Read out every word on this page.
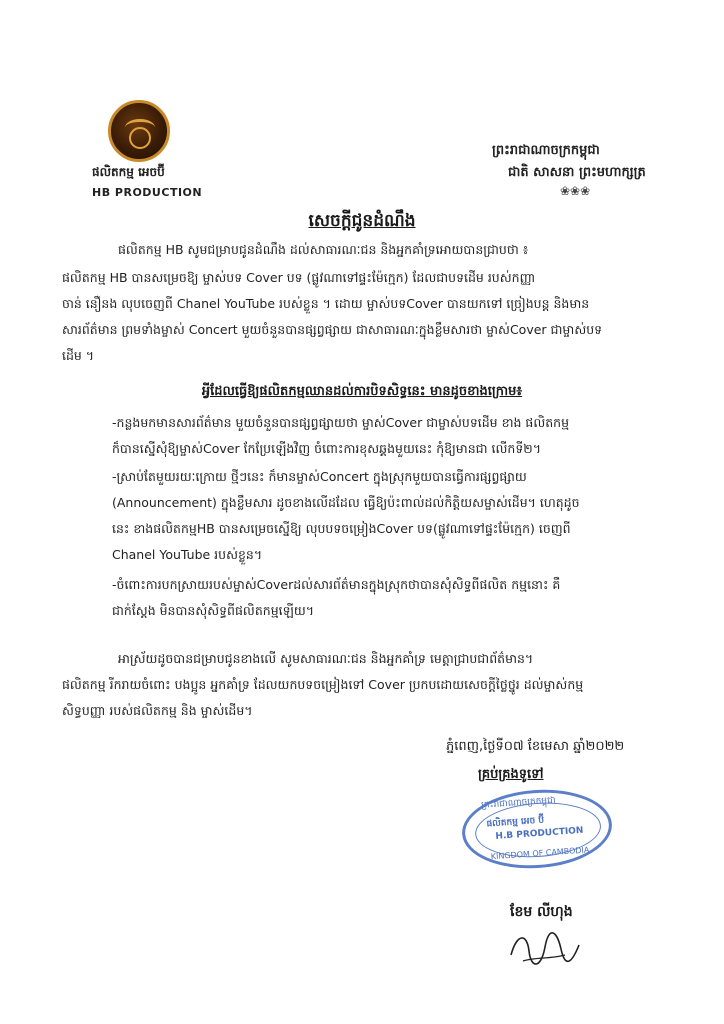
ផលិតកម្ម អេចប៊ី
HB PRODUCTION
ព្រះរាជាណាចក្រកម្ពុជា
ជាតិ សាសនា ព្រះមហាក្សត្រ
❀❀❀
សេចក្ដីជូនដំណឹង
ផលិតកម្ម HB សូមជម្រាបជូនដំណឹង ដល់សាធារណៈជន និងអ្នកគាំទ្រអោយបានជ្រាបថា ៖
ផលិតកម្ម HB បានសម្រេចឱ្យ ម្ចាស់បទ Cover បទ (ផ្លូវណាទៅផ្ទះម៉ែក្មេក) ដែលជាបទដើម របស់កញ្ញា
ចាន់ នឿនង លុបចេញពី Chanel YouTube របស់ខ្លួន ។ ដោយ ម្ចាស់បទCover បានយកទៅ ច្រៀងបន្ត និងមាន
សារព័ត៌មាន ព្រមទាំងម្ចាស់ Concert មួយចំនួនបានផ្សព្វផ្សាយ ជាសាធារណៈក្នុងខ្លឹមសារថា ម្ចាស់Cover ជាម្ចាស់បទ
ដើម ។
អ្វីដែលធ្វើឱ្យផលិតកម្មឈានដល់ការបិទសិទ្ធនេះ មានដូចខាងក្រោម៖
-កន្លងមកមានសារព័ត៌មាន មួយចំនួនបានផ្សព្វផ្សាយថា ម្ចាស់Cover ជាម្ចាស់បទដើម ខាង ផលិតកម្ម
ក៏បានស្នើសុំឱ្យម្ចាស់Cover កែប្រែឡើងវិញ ចំពោះការខុសឆ្គងមួយនេះ កុំឱ្យមានជា លើកទី២។
-ស្រាប់តែមួយរយៈក្រោយ ថ្មីៗនេះ ក៏មានម្ចាស់Concert ក្នុងស្រុកមួយបានធ្វើការផ្សព្វផ្សាយ
(Announcement) ក្នុងខ្លឹមសារ ដូចខាងលើដដែល ធ្វើឱ្យប៉ះពាល់ដល់កិត្តិយសម្ចាស់ដើម។ ហេតុដូច
នេះ ខាងផលិតកម្មHB បានសម្រេចស្នើឱ្យ លុបបទចម្រៀងCover បទ(ផ្លូវណាទៅផ្ទះម៉ែក្មេក) ចេញពី
Chanel YouTube របស់ខ្លួន។
-ចំពោះការបកស្រាយរបស់ម្ចាស់Coverដល់សារព័ត៌មានក្នុងស្រុកថាបានសុំសិទ្ធពីផលិត កម្មនោះ គឺ
ជាក់ស្ដែង មិនបានសុំសិទ្ធពីផលិតកម្មឡើយ។
អាស្រ័យដូចបានជម្រាបជូនខាងលើ សូមសាធារណៈជន និងអ្នកគាំទ្រ មេត្តាជ្រាបជាព័ត៌មាន។
ផលិតកម្ម រីករាយចំពោះ បងប្អូន អ្នកគាំទ្រ ដែលយកបទចម្រៀងទៅ Cover ប្រកបដោយសេចក្ដីថ្លៃថ្នូរ ដល់ម្ចាស់កម្ម
សិទ្ធបញ្ញា របស់ផលិតកម្ម និង ម្ចាស់ដើម។
ភ្នំពេញ,ថ្ងៃទី០៧ ខែមេសា ឆ្នាំ២០២២
គ្រប់គ្រងទូទៅ
ព្រះរាជាណាចក្រកម្ពុជា
ផលិតកម្ម អេច ប៊ី
H.B PRODUCTION
KINGDOM OF CAMBODIA
ខែម លីហុង
